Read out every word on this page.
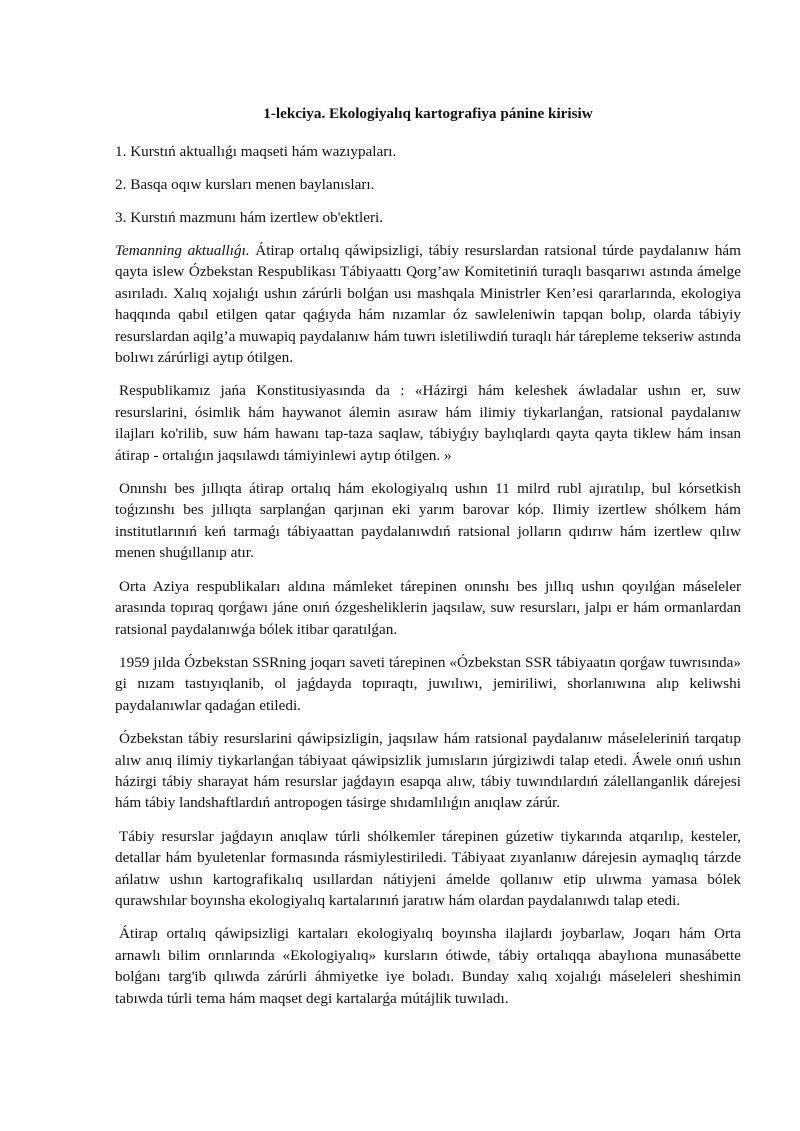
1-lekciya. Ekologiyalıq kartografiya pánine kirisiw

1. Kurstıń aktuallıǵı maqseti hám wazıypaları.

2. Basqa oqıw kursları menen baylanısları.

3. Kurstıń mazmunı hám izertlew ob'ektleri.

Temanning aktuallıǵı. Átirap ortalıq qáwipsizligi, tábiy resurslardan ratsional túrde paydalanıw hám qayta islew Ózbekstan Respublikası Tábiyaattı Qorg’aw Komitetiniń turaqlı basqarıwı astında ámelge asırıladı. Xalıq xojalıǵı ushın zárúrli bolǵan usı mashqala Ministrler Ken’esi qararlarında, ekologiya haqqında qabıl etilgen qatar qaǵıyda hám nızamlar óz sawleleniwin tapqan bolıp, olarda tábiyiy resurslardan aqilg’a muwapiq paydalanıw hám tuwrı isletiliwdiń turaqlı hár tárepleme tekseriw astında bolıwı zárúrligi aytıp ótilgen.

Respublikamız jańa Konstitusiyasında da : «Házirgi hám keleshek áwladalar ushın er, suw resurslarini, ósimlik hám haywanot álemin asıraw hám ilimiy tiykarlanǵan, ratsional paydalanıw ilajları ko'rilib, suw hám hawanı tap-taza saqlaw, tábiyǵıy baylıqlardı qayta qayta tiklew hám insan átirap - ortalıǵın jaqsılawdı támiyinlewi aytıp ótilgen. »

Onınshı bes jıllıqta átirap ortalıq hám ekologiyalıq ushın 11 milrd rubl ajıratılıp, bul kórsetkish toǵızınshı bes jıllıqta sarplanǵan qarjınan eki yarım barovar kóp. Ilimiy izertlew shólkem hám institutlarınıń keń tarmaǵı tábiyaattan paydalanıwdıń ratsional jolların qıdırıw hám izertlew qılıw menen shuǵıllanıp atır.

Orta Aziya respublikaları aldına mámleket tárepinen onınshı bes jıllıq ushın qoyılǵan máseleler arasında topıraq qorǵawı jáne onıń ózgesheliklerin jaqsılaw, suw resursları, jalpı er hám ormanlardan ratsional paydalanıwǵa bólek itibar qaratılǵan.

1959 jılda Ózbekstan SSRning joqarı saveti tárepinen «Ózbekstan SSR tábiyaatın qorǵaw tuwrısında» gi nızam tastıyıqlanib, ol jaǵdayda topıraqtı, juwılıwı, jemiriliwi, shorlanıwına alıp keliwshi paydalanıwlar qadaǵan etiledi.

Ózbekstan tábiy resurslarini qáwipsizligin, jaqsılaw hám ratsional paydalanıw máseleleriniń tarqatıp alıw anıq ilimiy tiykarlanǵan tábiyaat qáwipsizlik jumısların júrgiziwdi talap etedi. Áwele onıń ushın házirgi tábiy sharayat hám resurslar jaǵdayın esapqa alıw, tábiy tuwındılardıń zálellanganlik dárejesi hám tábiy landshaftlardıń antropogen tásirge shıdamlılıǵın anıqlaw zárúr.

Tábiy resurslar jaǵdayın anıqlaw túrli shólkemler tárepinen gúzetiw tiykarında atqarılıp, kesteler, detallar hám byuletenlar formasında rásmiylestiriledi. Tábiyaat zıyanlanıw dárejesin aymaqlıq tárzde ańlatıw ushın kartografikalıq usıllardan nátiyjeni ámelde qollanıw etip ulıwma yamasa bólek qurawshılar boyınsha ekologiyalıq kartalarınıń jaratıw hám olardan paydalanıwdı talap etedi.

Átirap ortalıq qáwipsizligi kartaları ekologiyalıq boyınsha ilajlardı joybarlaw, Joqarı hám Orta arnawlı bilim orınlarında «Ekologiyalıq» kursların ótiwde, tábiy ortalıqqa abaylıona munasábette bolǵanı targ'ib qılıwda zárúrli áhmiyetke iye boladı. Bunday xalıq xojalıǵı máseleleri sheshimin tabıwda túrli tema hám maqset degi kartalarǵa mútájlik tuwıladı.
